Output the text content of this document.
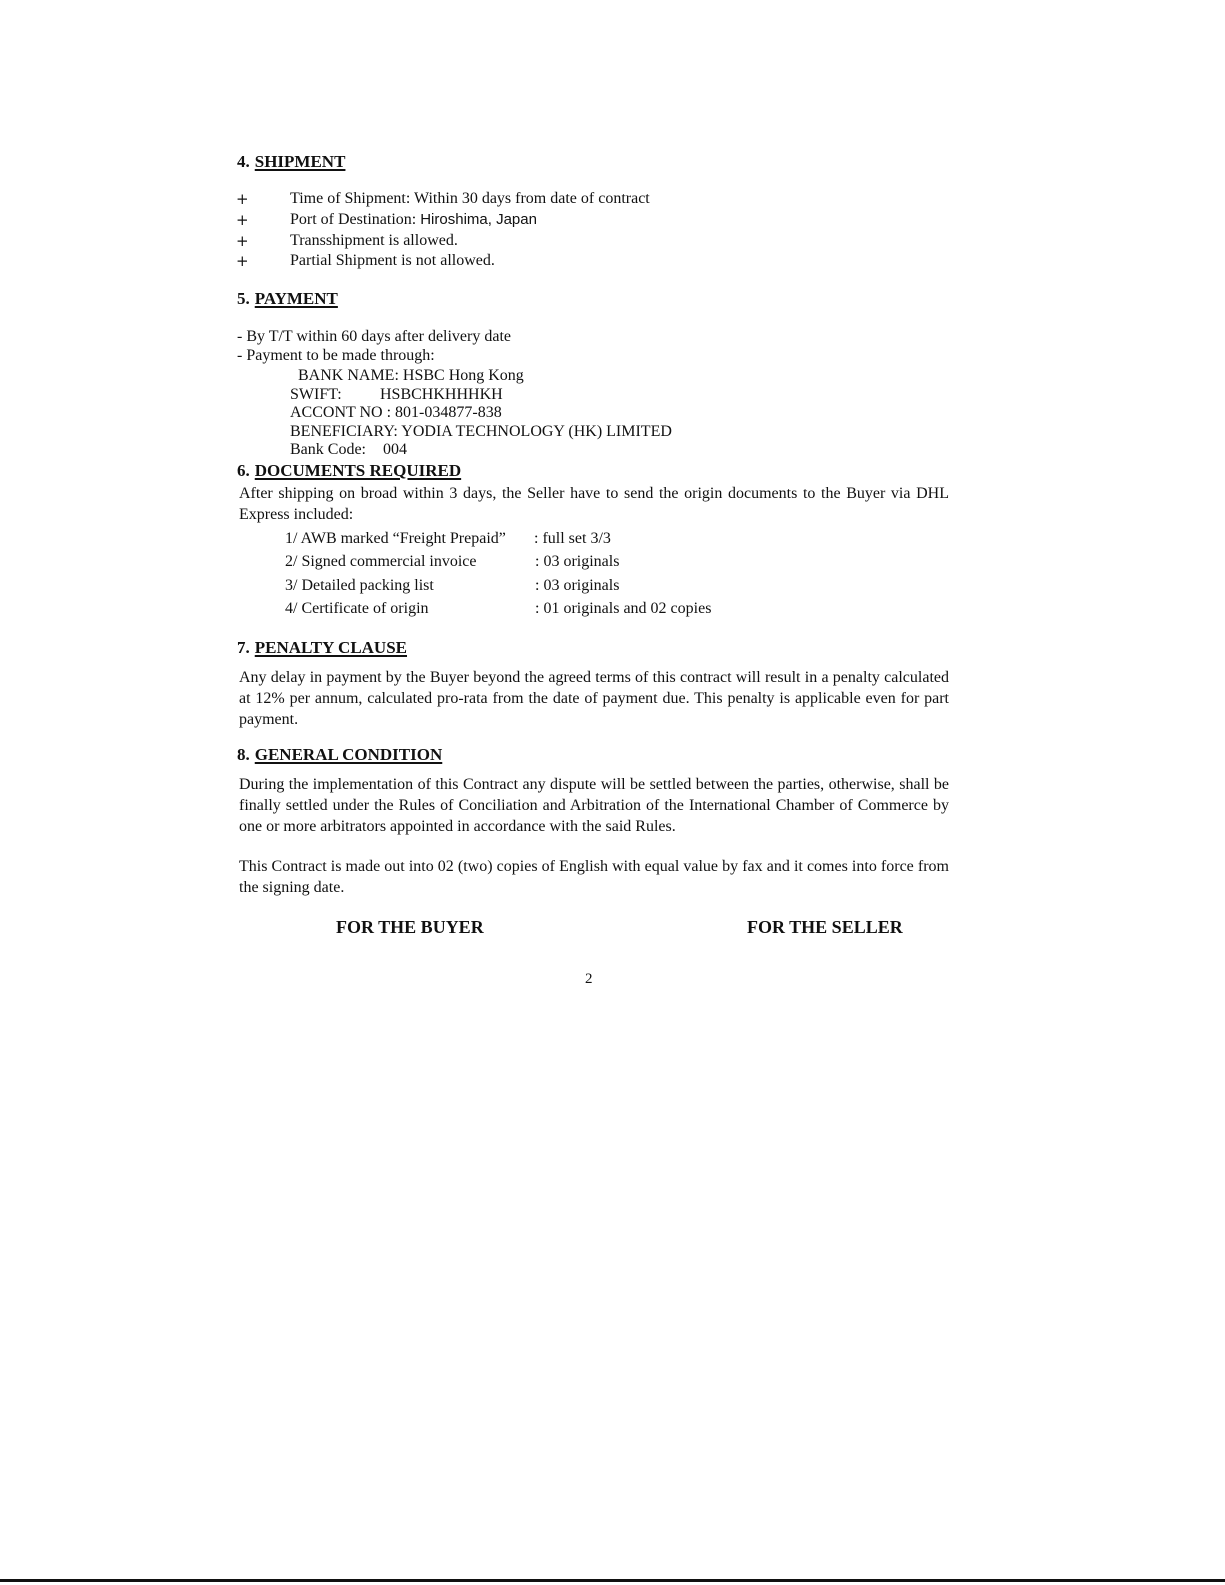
4. SHIPMENT
+	Time of Shipment: Within 30 days from date of contract
+	Port of Destination: Hiroshima, Japan
+	Transshipment is allowed.
+	Partial Shipment is not allowed.
5. PAYMENT
- By T/T within 60 days after delivery date
- Payment to be made through:
BANK NAME: HSBC Hong Kong
SWIFT: HSBCHKHHHKH
ACCONT NO : 801-034877-838
BENEFICIARY: YODIA TECHNOLOGY (HK) LIMITED
Bank Code: 004
6. DOCUMENTS REQUIRED
After shipping on broad within 3 days, the Seller have to send the origin documents to the Buyer via DHL Express included:
1/ AWB marked “Freight Prepaid” : full set 3/3
2/ Signed commercial invoice	: 03 originals
3/ Detailed packing list	: 03 originals
4/ Certificate of origin	: 01 originals and 02 copies
7. PENALTY CLAUSE
Any delay in payment by the Buyer beyond the agreed terms of this contract will result in a penalty calculated at 12% per annum, calculated pro-rata from the date of payment due. This penalty is applicable even for part payment.
8. GENERAL CONDITION
During the implementation of this Contract any dispute will be settled between the parties, otherwise, shall be finally settled under the Rules of Conciliation and Arbitration of the International Chamber of Commerce by one or more arbitrators appointed in accordance with the said Rules.
This Contract is made out into 02 (two) copies of English with equal value by fax and it comes into force from the signing date.
FOR THE BUYER	FOR THE SELLER
2
